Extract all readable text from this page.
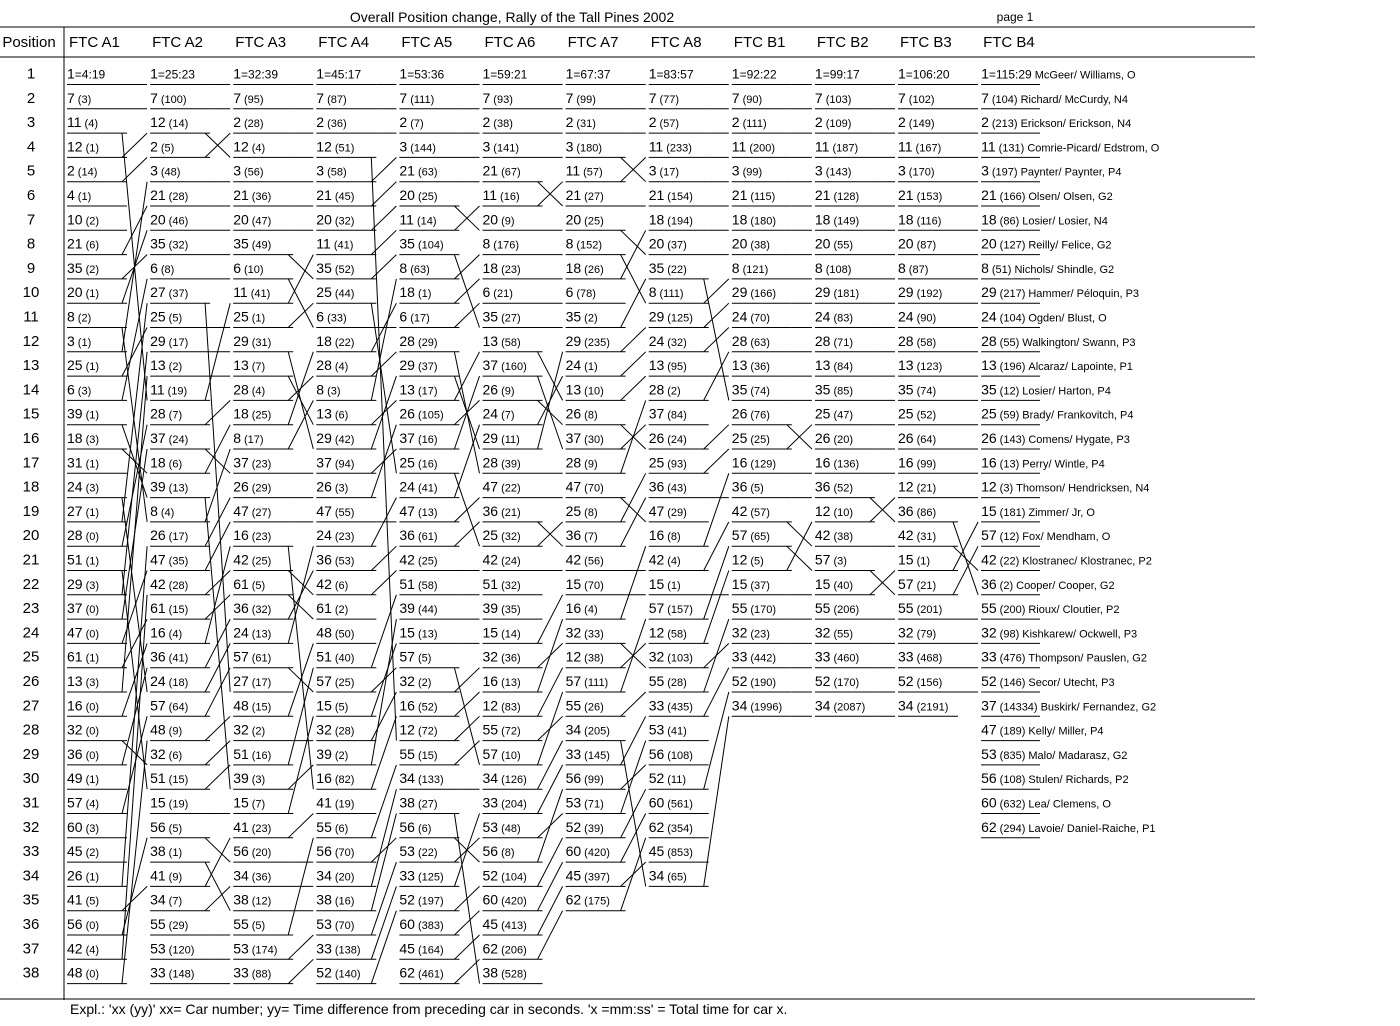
Overall Position change, Rally of the Tall Pines 2002	page 1
Position
Expl.: 'xx (yy)' xx= Car number; yy= Time difference from preceding car in seconds. 'x =mm:ss' = Total time for car x.
1=4:19
7 (3)
11 (4)
12 (1)
2 (14)
4 (1)
10 (2)
21 (6)
35 (2)
20 (1)
8 (2)
3 (1)
25 (1)
6 (3)
39 (1)
18 (3)
31 (1)
24 (3)
27 (1)
28 (0)
51 (1)
29 (3)
37 (0)
47 (0)
61 (1)
13 (3)
16 (0)
32 (0)
36 (0)
49 (1)
57 (4)
60 (3)
45 (2)
26 (1)
41 (5)
56 (0)
42 (4)
48 (0)
1=25:23
7 (100)
12 (14)
2 (5)
3 (48)
21 (28)
20 (46)
35 (32)
6 (8)
27 (37)
25 (5)
29 (17)
13 (2)
11 (19)
28 (7)
37 (24)
18 (6)
39 (13)
8 (4)
26 (17)
47 (35)
42 (28)
61 (15)
16 (4)
36 (41)
24 (18)
57 (64)
48 (9)
32 (6)
51 (15)
15 (19)
56 (5)
38 (1)
41 (9)
34 (7)
55 (29)
53 (120)
33 (148)
1=32:39
7 (95)
2 (28)
12 (4)
3 (56)
21 (36)
20 (47)
35 (49)
6 (10)
11 (41)
25 (1)
29 (31)
13 (7)
28 (4)
18 (25)
8 (17)
37 (23)
26 (29)
47 (27)
16 (23)
42 (25)
61 (5)
36 (32)
24 (13)
57 (61)
27 (17)
48 (15)
32 (2)
51 (16)
39 (3)
15 (7)
41 (23)
56 (20)
34 (36)
38 (12)
55 (5)
53 (174)
33 (88)
1=45:17
7 (87)
2 (36)
12 (51)
3 (58)
21 (45)
20 (32)
11 (41)
35 (52)
25 (44)
6 (33)
18 (22)
28 (4)
8 (3)
13 (6)
29 (42)
37 (94)
26 (3)
47 (55)
24 (23)
36 (53)
42 (6)
61 (2)
48 (50)
51 (40)
57 (25)
15 (5)
32 (28)
39 (2)
16 (82)
41 (19)
55 (6)
56 (70)
34 (20)
38 (16)
53 (70)
33 (138)
52 (140)
1=53:36
7 (111)
2 (7)
3 (144)
21 (63)
20 (25)
11 (14)
35 (104)
8 (63)
18 (1)
6 (17)
28 (29)
29 (37)
13 (17)
26 (105)
37 (16)
25 (16)
24 (41)
47 (13)
36 (61)
42 (25)
51 (58)
39 (44)
15 (13)
57 (5)
32 (2)
16 (52)
12 (72)
55 (15)
34 (133)
38 (27)
56 (6)
53 (22)
33 (125)
52 (197)
60 (383)
45 (164)
62 (461)
1=59:21
7 (93)
2 (38)
3 (141)
21 (67)
11 (16)
20 (9)
8 (176)
18 (23)
6 (21)
35 (27)
13 (58)
37 (160)
26 (9)
24 (7)
29 (11)
28 (39)
47 (22)
36 (21)
25 (32)
42 (24)
51 (32)
39 (35)
15 (14)
32 (36)
16 (13)
12 (83)
55 (72)
57 (10)
34 (126)
33 (204)
53 (48)
56 (8)
52 (104)
60 (420)
45 (413)
62 (206)
38 (528)
1=67:37
7 (99)
2 (31)
3 (180)
11 (57)
21 (27)
20 (25)
8 (152)
18 (26)
6 (78)
35 (2)
29 (235)
24 (1)
13 (10)
26 (8)
37 (30)
28 (9)
47 (70)
25 (8)
36 (7)
42 (56)
15 (70)
16 (4)
32 (33)
12 (38)
57 (111)
55 (26)
34 (205)
33 (145)
56 (99)
53 (71)
52 (39)
60 (420)
45 (397)
62 (175)
1=83:57
7 (77)
2 (57)
11 (233)
3 (17)
21 (154)
18 (194)
20 (37)
35 (22)
8 (111)
29 (125)
24 (32)
13 (95)
28 (2)
37 (84)
26 (24)
25 (93)
36 (43)
47 (29)
16 (8)
42 (4)
15 (1)
57 (157)
12 (58)
32 (103)
55 (28)
33 (435)
53 (41)
56 (108)
52 (11)
60 (561)
62 (354)
45 (853)
34 (65)
1=92:22
7 (90)
2 (111)
11 (200)
3 (99)
21 (115)
18 (180)
20 (38)
8 (121)
29 (166)
24 (70)
28 (63)
13 (36)
35 (74)
26 (76)
25 (25)
16 (129)
36 (5)
42 (57)
57 (65)
12 (5)
15 (37)
55 (170)
32 (23)
33 (442)
52 (190)
34 (1996)
1=99:17
7 (103)
2 (109)
11 (187)
3 (143)
21 (128)
18 (149)
20 (55)
8 (108)
29 (181)
24 (83)
28 (71)
13 (84)
35 (85)
25 (47)
26 (20)
16 (136)
36 (52)
12 (10)
42 (38)
57 (3)
15 (40)
55 (206)
32 (55)
33 (460)
52 (170)
34 (2087)
1=106:20
7 (102)
2 (149)
11 (167)
3 (170)
21 (153)
18 (116)
20 (87)
8 (87)
29 (192)
24 (90)
28 (58)
13 (123)
35 (74)
25 (52)
26 (64)
16 (99)
12 (21)
36 (86)
42 (31)
15 (1)
57 (21)
55 (201)
32 (79)
33 (468)
52 (156)
34 (2191)
1=115:29 McGeer/ Williams, O
7 (104) Richard/ McCurdy, N4
2 (213) Erickson/ Erickson, N4
11 (131) Comrie-Picard/ Edstrom, O
3 (197) Paynter/ Paynter, P4
21 (166) Olsen/ Olsen, G2
18 (86) Losier/ Losier, N4
20 (127) Reilly/ Felice, G2
8 (51) Nichols/ Shindle, G2
29 (217) Hammer/ Péloquin, P3
24 (104) Ogden/ Blust, O
28 (55) Walkington/ Swann, P3
13 (196) Alcaraz/ Lapointe, P1
35 (12) Losier/ Harton, P4
25 (59) Brady/ Frankovitch, P4
26 (143) Comens/ Hygate, P3
16 (13) Perry/ Wintle, P4
12 (3) Thomson/ Hendricksen, N4
15 (181) Zimmer/ Jr, O
57 (12) Fox/ Mendham, O
42 (22) Klostranec/ Klostranec, P2
36 (2) Cooper/ Cooper, G2
55 (200) Rioux/ Cloutier, P2
32 (98) Kishkarew/ Ockwell, P3
33 (476) Thompson/ Pauslen, G2
52 (146) Secor/ Utecht, P3
37 (14334) Buskirk/ Fernandez, G2
47 (189) Kelly/ Miller, P4
53 (835) Malo/ Madarasz, G2
56 (108) Stulen/ Richards, P2
60 (632) Lea/ Clemens, O
62 (294) Lavoie/ Daniel-Raiche, P1
FTC A1 FTC A2 FTC A3 FTC A4 FTC A5 FTC A6 FTC A7 FTC A8 FTC B1 FTC B2 FTC B3 FTC B4
1
2
3
4
5
6
7
8
9
10
11
12
13
14
15
16
17
18
19
20
21
22
23
24
25
26
27
28
29
30
31
32
33
34
35
36
37
38
